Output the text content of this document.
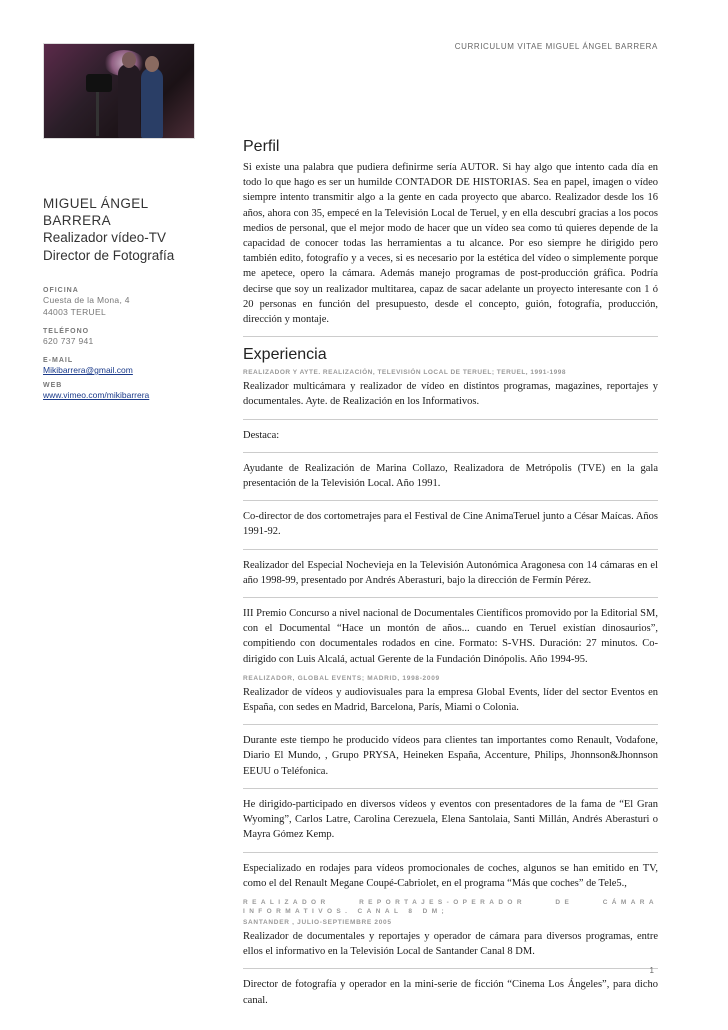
CURRICULUM VITAE MIGUEL ÁNGEL BARRERA
MIGUEL ÁNGEL BARRERA
Realizador vídeo-TV
Director de Fotografía
OFICINA
Cuesta de la Mona, 4
44003 TERUEL
TELÉFONO
620 737 941
E-MAIL
Mikibarrera@gmail.com
WEB
www.vimeo.com/mikibarrera
Perfil

Si existe una palabra que pudiera definirme sería AUTOR. Si hay algo que intento cada día en todo lo que hago es ser un humilde CONTADOR DE HISTORIAS. Sea en papel, imagen o vídeo siempre intento transmitir algo a la gente en cada proyecto que abarco. Realizador desde los 16 años, ahora con 35, empecé en la Televisión Local de Teruel, y en ella descubrí gracias a los pocos medios de personal, que el mejor modo de hacer que un vídeo sea como tú quieres depende de la capacidad de conocer todas las herramientas a tu alcance. Por eso siempre he dirigido pero también edito, fotografío y a veces, si es necesario por la estética del vídeo o simplemente porque me apetece, opero la cámara. Además manejo programas de post-producción gráfica. Podría decirse que soy un realizador multitarea, capaz de sacar adelante un proyecto interesante con 1 ó 20 personas en función del presupuesto, desde el concepto, guión, fotografía, producción, dirección y montaje.

Experiencia
REALIZADOR Y AYTE. REALIZACIÓN, TELEVISIÓN LOCAL DE TERUEL; TERUEL, 1991-1998

Realizador multicámara y realizador de vídeo en distintos programas, magazines, reportajes y documentales. Ayte. de Realización en los Informativos.

Destaca:

Ayudante de Realización de Marina Collazo, Realizadora de Metrópolis (TVE) en la gala presentación de la Televisión Local. Año 1991.

Co-director de dos cortometrajes para el Festival de Cine AnimaTeruel junto a César Maícas. Años 1991-92.

Realizador del Especial Nochevieja en la Televisión Autonómica Aragonesa con 14 cámaras en el año 1998-99, presentado por Andrés Aberasturi, bajo la dirección de Fermín Pérez.

III Premio Concurso a nivel nacional de Documentales Científicos promovido por la Editorial SM, con el Documental “Hace un montón de años... cuando en Teruel existían dinosaurios”, compitiendo con documentales rodados en cine. Formato: S-VHS. Duración: 27 minutos. Co-dirigido con Luis Alcalá, actual Gerente de la Fundación Dinópolis. Año 1994-95.

REALIZADOR, GLOBAL EVENTS; MADRID, 1998-2009

Realizador de vídeos y audiovisuales para la empresa Global Events, líder del sector Eventos en España, con sedes en Madrid, Barcelona, París, Miami o Colonia.

Durante este tiempo he producido vídeos para clientes tan importantes como Renault, Vodafone, Diario El Mundo, , Grupo PRYSA, Heineken España, Accenture, Philips, Jhonnson&Jhonnson EEUU o Teléfonica.

He dirigido-participado en diversos vídeos y eventos con presentadores de la fama de “El Gran Wyoming”, Carlos Latre, Carolina Cerezuela, Elena Santolaia, Santi Millán, Andrés Aberasturi o Mayra Gómez Kemp.

Especializado en rodajes para vídeos promocionales de coches, algunos se han emitido en TV, como el del Renault Megane Coupé-Cabriolet, en el programa “Más que coches” de Tele5.,

REALIZADOR REPORTAJES-OPERADOR DE CÁMARA INFORMATIVOS. CANAL 8 DM;
SANTANDER , JULIO-SEPTIEMBRE 2005

Realizador de documentales y reportajes y operador de cámara para diversos programas, entre ellos el informativo en la Televisión Local de Santander Canal 8 DM.

Director de fotografía y operador en la mini-serie de ficción “Cinema Los Ángeles”, para dicho canal.

1
